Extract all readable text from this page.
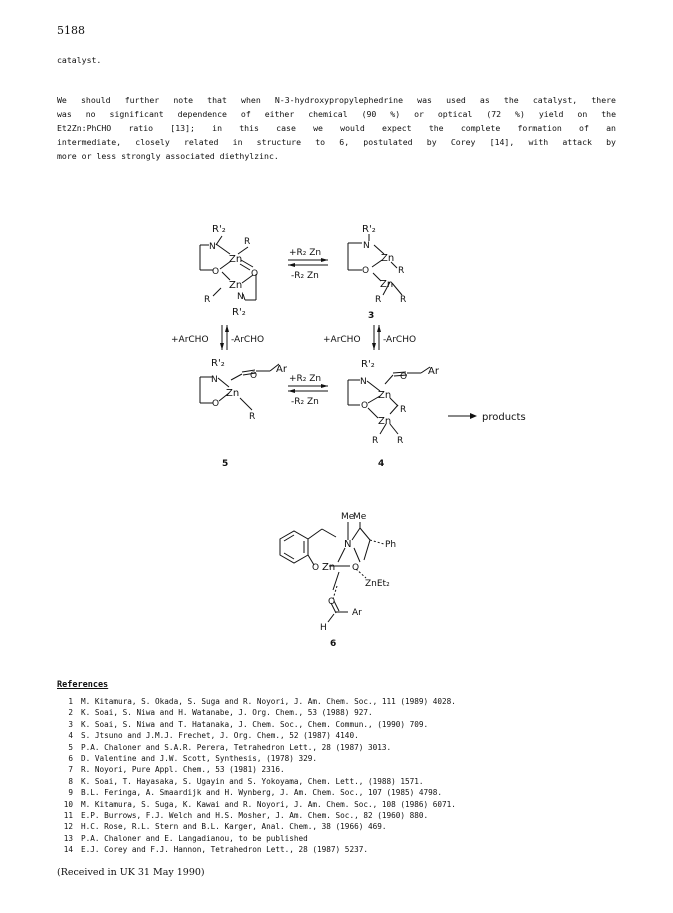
5188
catalyst.
We should further note that when N-3-hydroxypropylephedrine was used as the catalyst, there
was no significant dependence of either chemical (90 %) or optical (72 %) yield on the
Et2Zn:PhCHO ratio [13]; in this case we would expect the complete formation of an
intermediate, closely related in structure to 6, postulated by Corey [14], with attack by
more or less strongly associated diethylzinc.
R'₂
N	R
Zn
O	O
Zn
R	N
R'₂
R'₂
N
Zn
O	R
Zn
R R
3
+R₂ Zn
-R₂ Zn
+ArCHO -ArCHO	+ArCHO -ArCHO
+R₂ Zn
-R₂ Zn
R'₂
N
O
Zn
O
Ar
R
5
R'₂
N
O
Zn
O Ar
R
Zn
R R
4
products
Me
Me
N	Ph
O Zn O
ZnEt₂
O
Ar
H
6
References
1 M. Kitamura, S. Okada, S. Suga and R. Noyori, J. Am. Chem. Soc., 111 (1989) 4028.
2 K. Soai, S. Niwa and H. Watanabe, J. Org. Chem., 53 (1988) 927.
3 K. Soai, S. Niwa and T. Hatanaka, J. Chem. Soc., Chem. Commun., (1990) 709.
4 S. Jtsuno and J.M.J. Frechet, J. Org. Chem., 52 (1987) 4140.
5 P.A. Chaloner and S.A.R. Perera, Tetrahedron Lett., 28 (1987) 3013.
6 D. Valentine and J.W. Scott, Synthesis, (1978) 329.
7 R. Noyori, Pure Appl. Chem., 53 (1981) 2316.
8 K. Soai, T. Hayasaka, S. Ugayin and S. Yokoyama, Chem. Lett., (1988) 1571.
9 B.L. Feringa, A. Smaardijk and H. Wynberg, J. Am. Chem. Soc., 107 (1985) 4798.
10 M. Kitamura, S. Suga, K. Kawai and R. Noyori, J. Am. Chem. Soc., 108 (1986) 6071.
11 E.P. Burrows, F.J. Welch and H.S. Mosher, J. Am. Chem. Soc., 82 (1960) 880.
12 H.C. Rose, R.L. Stern and B.L. Karger, Anal. Chem., 38 (1966) 469.
13 P.A. Chaloner and E. Langadianou, to be published
14 E.J. Corey and F.J. Hannon, Tetrahedron Lett., 28 (1987) 5237.
(Received in UK 31 May 1990)
